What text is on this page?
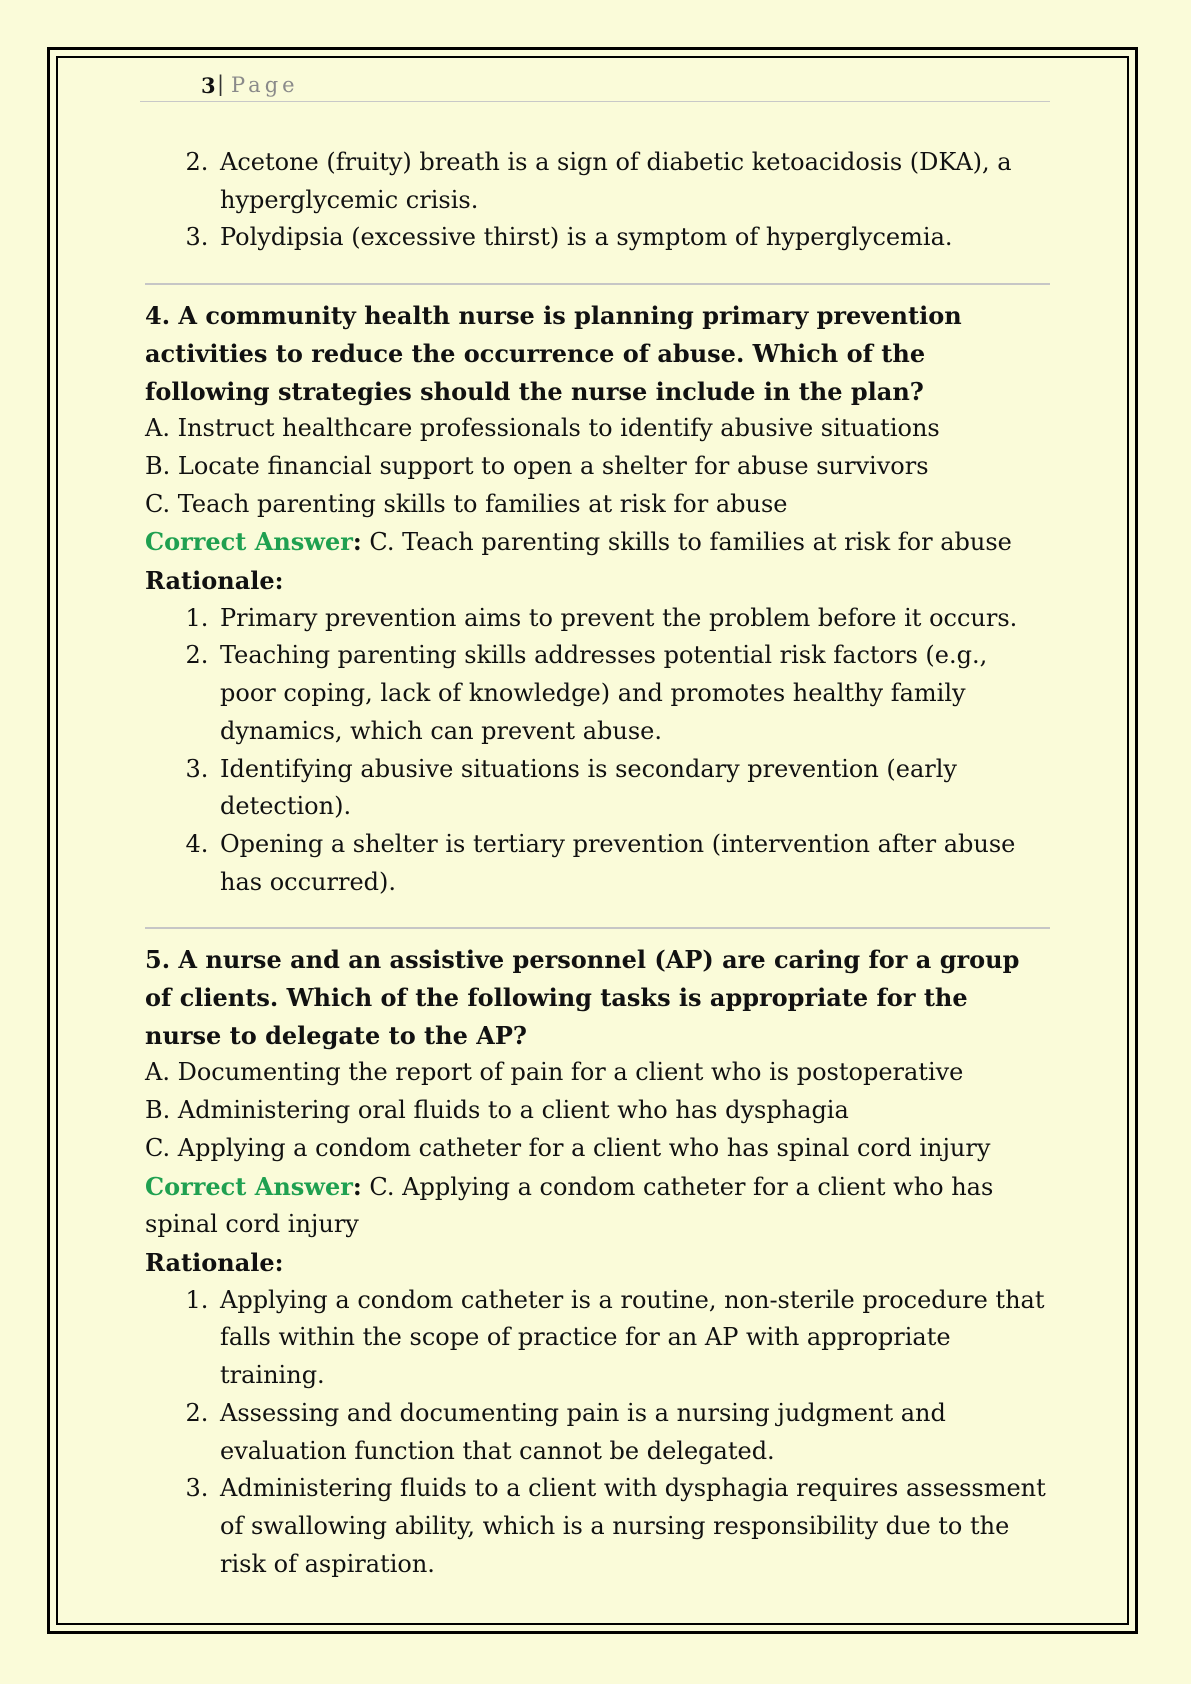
3 | Page
2. Acetone (fruity) breath is a sign of diabetic ketoacidosis (DKA), a hyperglycemic crisis.
3. Polydipsia (excessive thirst) is a symptom of hyperglycemia.

4. A community health nurse is planning primary prevention activities to reduce the occurrence of abuse. Which of the following strategies should the nurse include in the plan?

A. Instruct healthcare professionals to identify abusive situations

B. Locate financial support to open a shelter for abuse survivors

C. Teach parenting skills to families at risk for abuse

Correct Answer: C. Teach parenting skills to families at risk for abuse

Rationale:

1. Primary prevention aims to prevent the problem before it occurs.
2. Teaching parenting skills addresses potential risk factors (e.g., poor coping, lack of knowledge) and promotes healthy family dynamics, which can prevent abuse.
3. Identifying abusive situations is secondary prevention (early detection).
4. Opening a shelter is tertiary prevention (intervention after abuse has occurred).

5. A nurse and an assistive personnel (AP) are caring for a group of clients. Which of the following tasks is appropriate for the nurse to delegate to the AP?

A. Documenting the report of pain for a client who is postoperative

B. Administering oral fluids to a client who has dysphagia

C. Applying a condom catheter for a client who has spinal cord injury

Correct Answer: C. Applying a condom catheter for a client who has spinal cord injury

Rationale:

1. Applying a condom catheter is a routine, non-sterile procedure that falls within the scope of practice for an AP with appropriate training.
2. Assessing and documenting pain is a nursing judgment and evaluation function that cannot be delegated.
3. Administering fluids to a client with dysphagia requires assessment of swallowing ability, which is a nursing responsibility due to the risk of aspiration.
